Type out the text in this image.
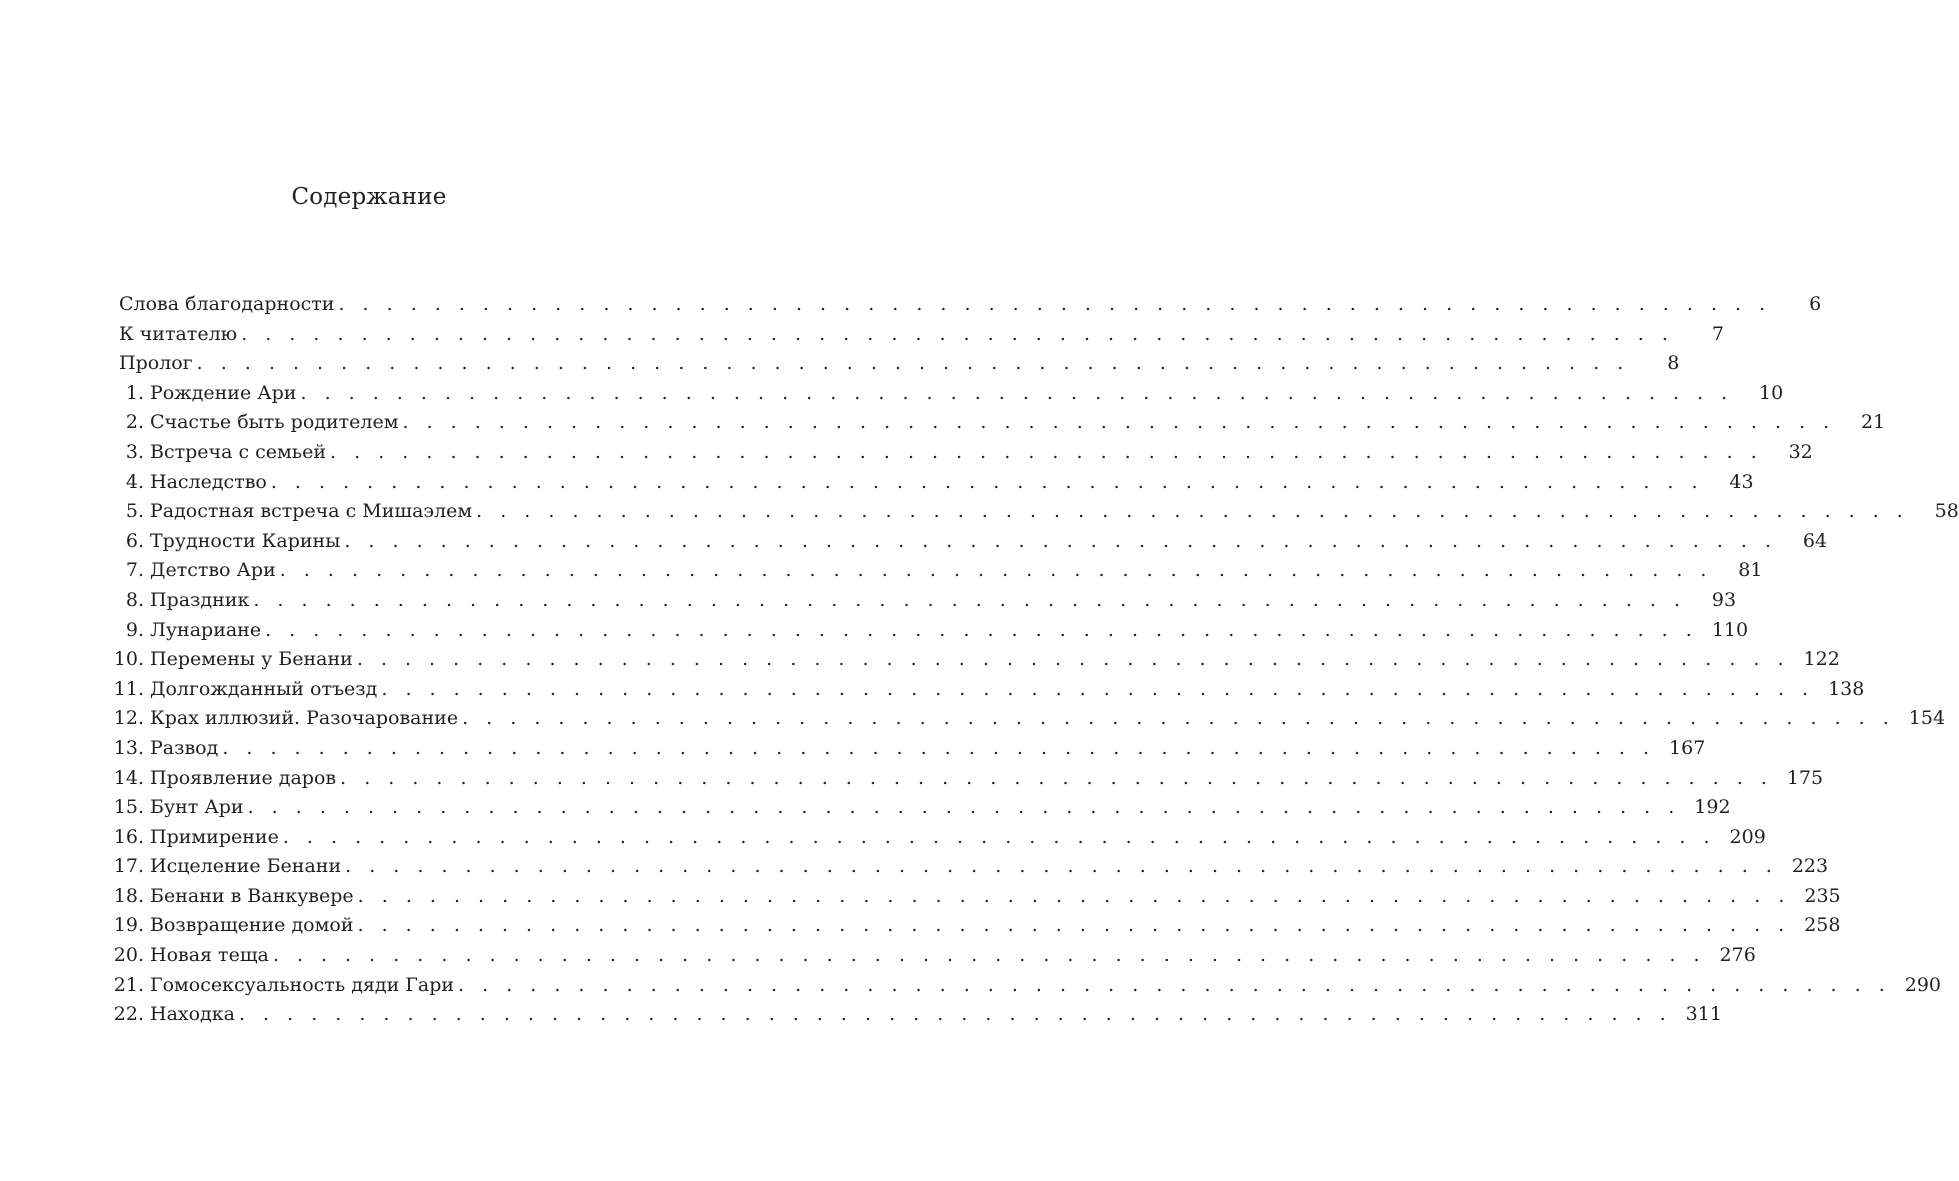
Содержание
Слова благодарности . . . . . . . . . . . . . . . . . . . . . . . . . . . . . . . . . . . . . . . . . . . . . . . . . . . . . . . . . . . .	6
К читателю . . . . . . . . . . . . . . . . . . . . . . . . . . . . . . . . . . . . . . . . . . . . . . . . . . . . . . . . . . . .	7
Пролог . . . . . . . . . . . . . . . . . . . . . . . . . . . . . . . . . . . . . . . . . . . . . . . . . . . . . . . . . . . .	8
1. Рождение Ари . . . . . . . . . . . . . . . . . . . . . . . . . . . . . . . . . . . . . . . . . . . . . . . . . . . . . . . . . . . .	10
2. Счастье быть родителем . . . . . . . . . . . . . . . . . . . . . . . . . . . . . . . . . . . . . . . . . . . . . . . . . . . . . . . . . . . .	21
3. Встреча с семьей . . . . . . . . . . . . . . . . . . . . . . . . . . . . . . . . . . . . . . . . . . . . . . . . . . . . . . . . . . . .	32
4. Наследство . . . . . . . . . . . . . . . . . . . . . . . . . . . . . . . . . . . . . . . . . . . . . . . . . . . . . . . . . . . .	43
5. Радостная встреча с Мишаэлем . . . . . . . . . . . . . . . . . . . . . . . . . . . . . . . . . . . . . . . . . . . . . . . . . . . . . . . . . . . .	58
6. Трудности Карины . . . . . . . . . . . . . . . . . . . . . . . . . . . . . . . . . . . . . . . . . . . . . . . . . . . . . . . . . . . .	64
7. Детство Ари . . . . . . . . . . . . . . . . . . . . . . . . . . . . . . . . . . . . . . . . . . . . . . . . . . . . . . . . . . . .	81
8. Праздник . . . . . . . . . . . . . . . . . . . . . . . . . . . . . . . . . . . . . . . . . . . . . . . . . . . . . . . . . . . .	93
9. Лунариане . . . . . . . . . . . . . . . . . . . . . . . . . . . . . . . . . . . . . . . . . . . . . . . . . . . . . . . . . . . . 110
10. Перемены у Бенани . . . . . . . . . . . . . . . . . . . . . . . . . . . . . . . . . . . . . . . . . . . . . . . . . . . . . . . . . . . . 122
11. Долгожданный отъезд . . . . . . . . . . . . . . . . . . . . . . . . . . . . . . . . . . . . . . . . . . . . . . . . . . . . . . . . . . . . 138
12. Крах иллюзий. Разочарование . . . . . . . . . . . . . . . . . . . . . . . . . . . . . . . . . . . . . . . . . . . . . . . . . . . . . . . . . . . . 154
13. Развод . . . . . . . . . . . . . . . . . . . . . . . . . . . . . . . . . . . . . . . . . . . . . . . . . . . . . . . . . . . . 167
14. Проявление даров . . . . . . . . . . . . . . . . . . . . . . . . . . . . . . . . . . . . . . . . . . . . . . . . . . . . . . . . . . . . 175
15. Бунт Ари . . . . . . . . . . . . . . . . . . . . . . . . . . . . . . . . . . . . . . . . . . . . . . . . . . . . . . . . . . . . 192
16. Примирение . . . . . . . . . . . . . . . . . . . . . . . . . . . . . . . . . . . . . . . . . . . . . . . . . . . . . . . . . . . . 209
17. Исцеление Бенани . . . . . . . . . . . . . . . . . . . . . . . . . . . . . . . . . . . . . . . . . . . . . . . . . . . . . . . . . . . . 223
18. Бенани в Ванкувере . . . . . . . . . . . . . . . . . . . . . . . . . . . . . . . . . . . . . . . . . . . . . . . . . . . . . . . . . . . . 235
19. Возвращение домой . . . . . . . . . . . . . . . . . . . . . . . . . . . . . . . . . . . . . . . . . . . . . . . . . . . . . . . . . . . . 258
20. Новая теща . . . . . . . . . . . . . . . . . . . . . . . . . . . . . . . . . . . . . . . . . . . . . . . . . . . . . . . . . . . . 276
21. Гомосексуальность дяди Гари . . . . . . . . . . . . . . . . . . . . . . . . . . . . . . . . . . . . . . . . . . . . . . . . . . . . . . . . . . . . 290
22. Находка . . . . . . . . . . . . . . . . . . . . . . . . . . . . . . . . . . . . . . . . . . . . . . . . . . . . . . . . . . . . 311
